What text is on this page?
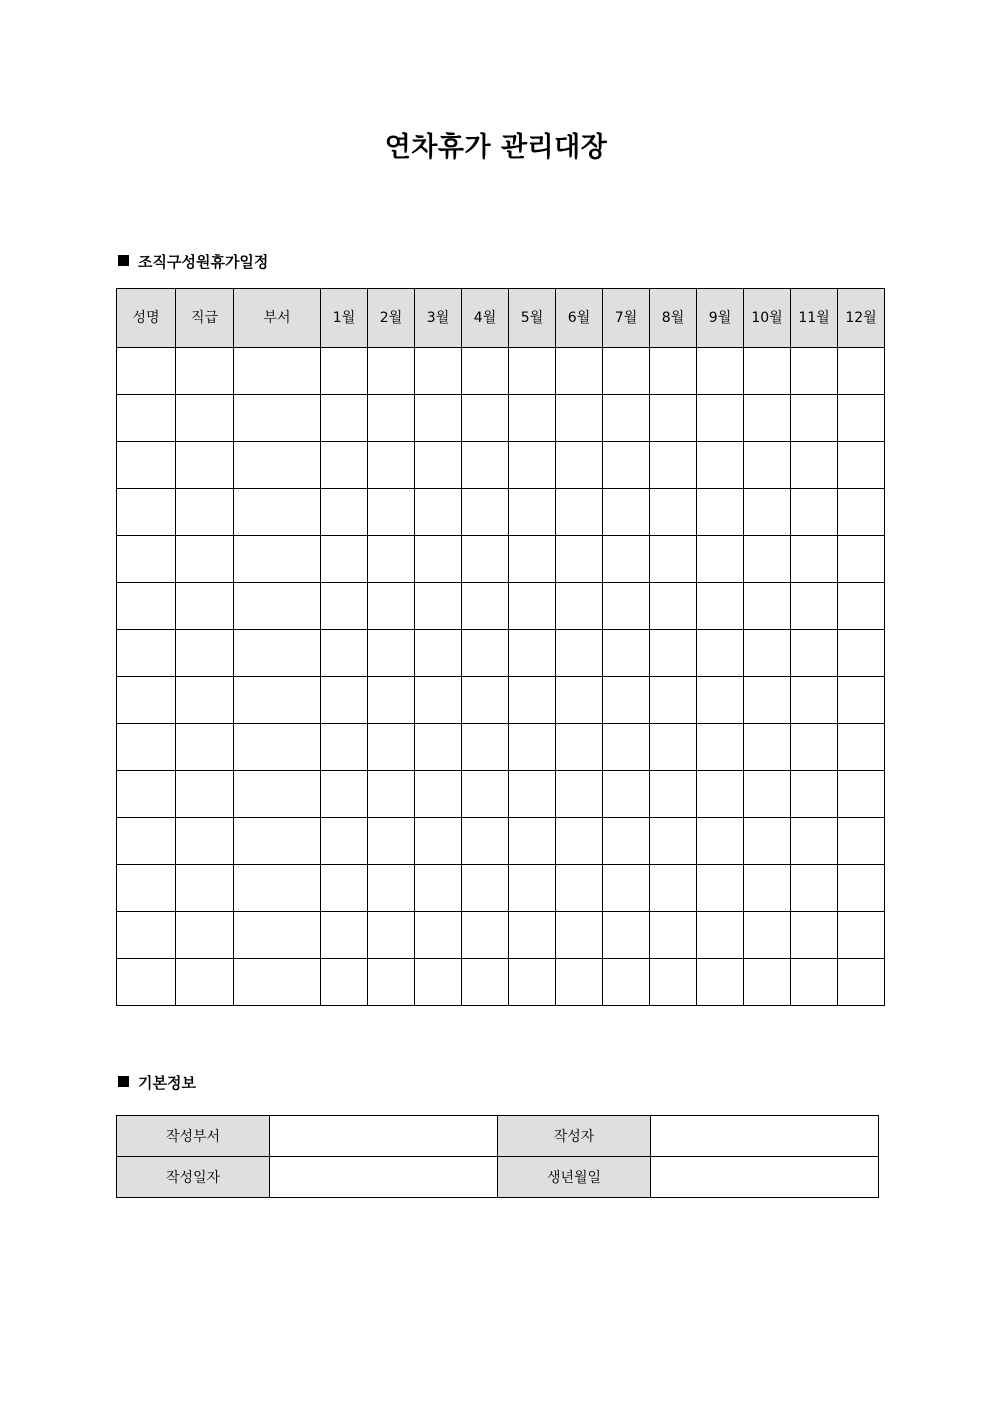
연차휴가 관리대장
조직구성원휴가일정
성명	직급	부서	1월	2월	3월	4월	5월	6월	7월	8월	9월	10월	11월	12월

기본정보
작성부서		작성자	
작성일자		생년월일	
